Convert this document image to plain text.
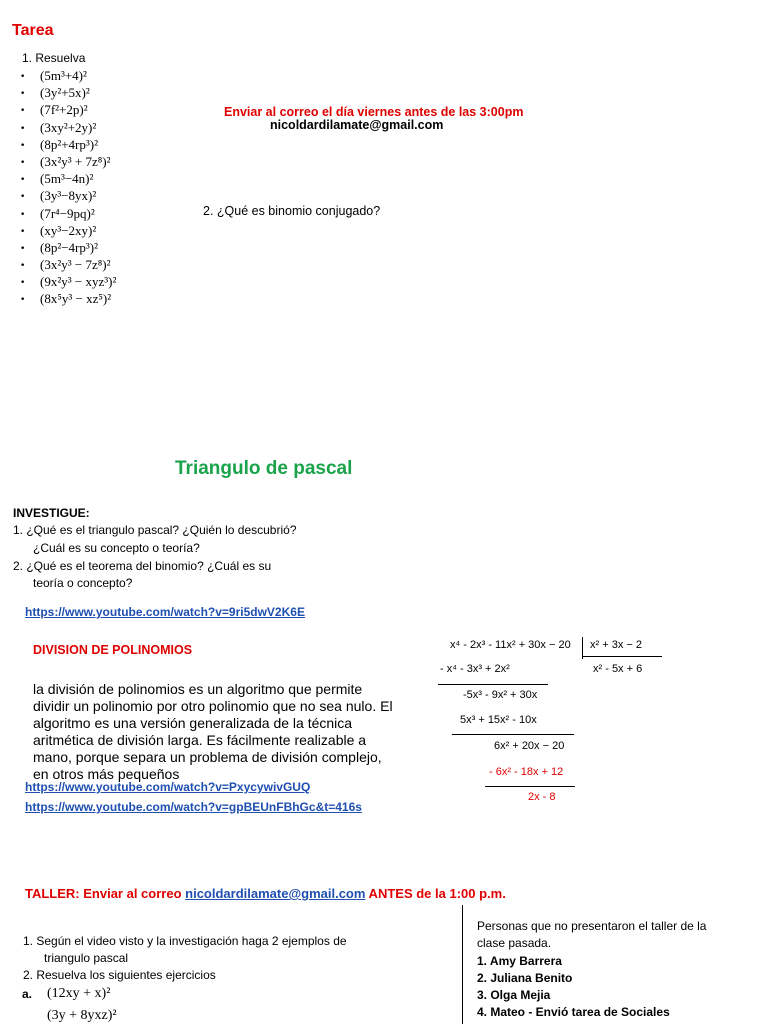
Tarea
1. Resuelva
• (5m³+4)²
• (3y²+5x)²
• (7f²+2p)²
• (3xy²+2y)²
• (8p²+4rp³)²
• (3x²y³ + 7z⁸)²
• (5m³−4n)²
• (3y³−8yx)²
• (7r⁴−9pq)²
• (xy³−2xy)²
• (8p²−4rp³)²
• (3x²y³ − 7z⁸)²
• (9x²y³ − xyz³)²
• (8x⁵y³ − xz⁵)²
Enviar al correo el día viernes antes de las 3:00pm
nicoldardilamate@gmail.com
2. ¿Qué es binomio conjugado?
Triangulo de pascal
INVESTIGUE:
1. ¿Qué es el triangulo pascal? ¿Quién lo descubrió?
¿Cuál es su concepto o teoría?
2. ¿Qué es el teorema del binomio? ¿Cuál es su
teoría o concepto?
https://www.youtube.com/watch?v=9ri5dwV2K6E
DIVISION DE POLINOMIOS
la división de polinomios es un algoritmo que permite
dividir un polinomio por otro polinomio que no sea nulo. El
algoritmo es una versión generalizada de la técnica
aritmética de división larga. Es fácilmente realizable a
mano, porque separa un problema de división complejo,
en otros más pequeños
https://www.youtube.com/watch?v=PxycywivGUQ
https://www.youtube.com/watch?v=gpBEUnFBhGc&t=416s
x⁴ - 2x³ - 11x² + 30x − 20 x² + 3x − 2
x² - 5x + 6
- x⁴ - 3x³ + 2x²
-5x³ - 9x² + 30x
5x³ + 15x² - 10x
6x² + 20x − 20
- 6x² - 18x + 12
2x - 8
TALLER: Enviar al correo nicoldardilamate@gmail.com ANTES de la 1:00 p.m.
1. Según el video visto y la investigación haga 2 ejemplos de
triangulo pascal
2. Resuelva los siguientes ejercicios
a. (12xy + x)²
(3y + 8yxz)²
Personas que no presentaron el taller de la
clase pasada.
1. Amy Barrera
2. Juliana Benito
3. Olga Mejia
4. Mateo - Envió tarea de Sociales
